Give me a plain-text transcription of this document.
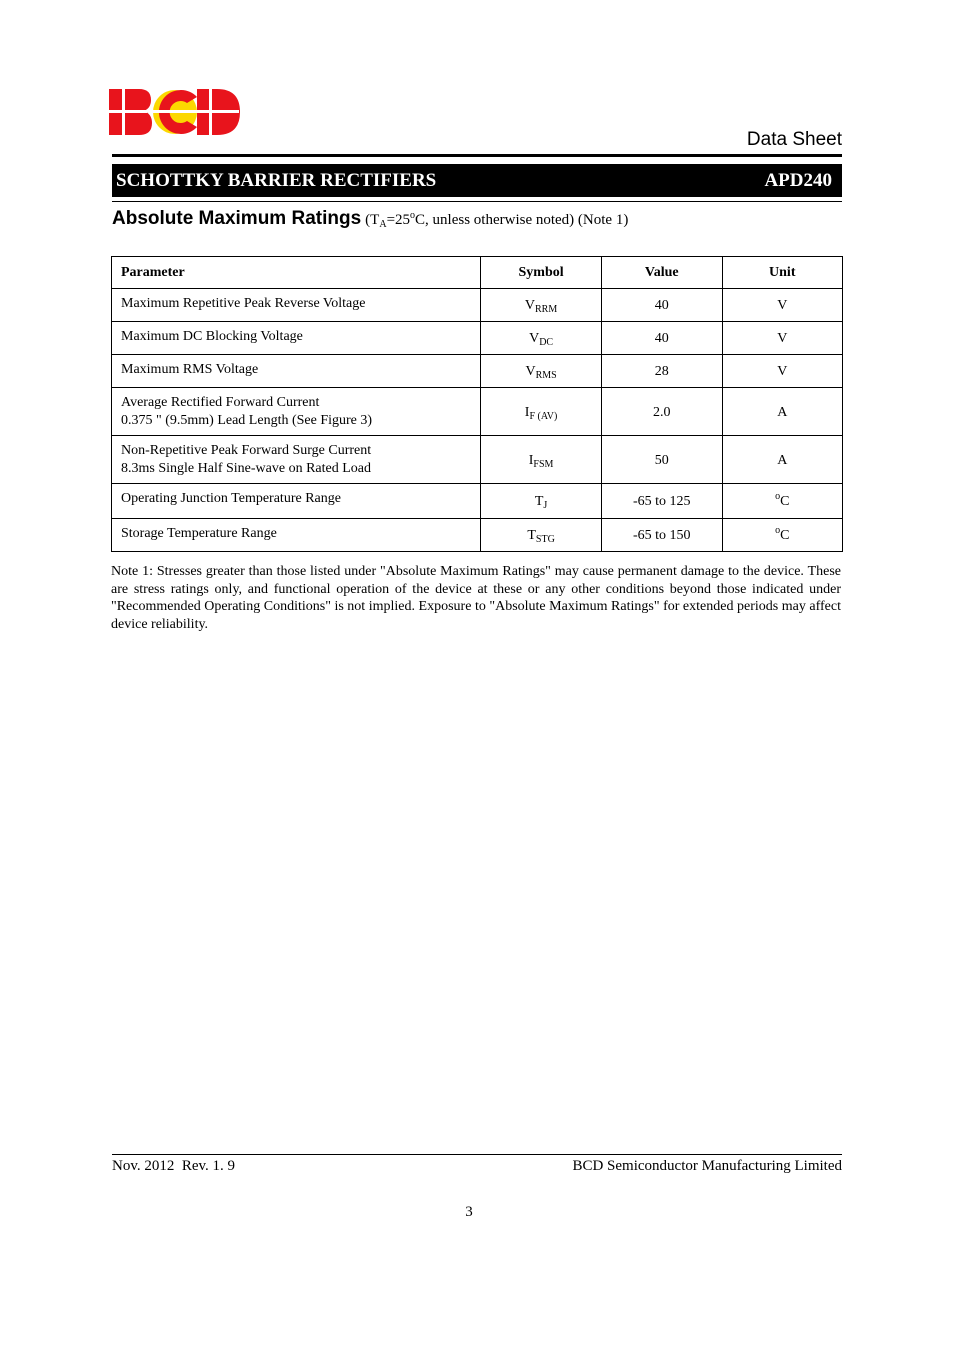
Data Sheet
SCHOTTKY BARRIER RECTIFIERS	APD240
Absolute Maximum Ratings ($T_A=25^oC$, unless otherwise noted) (Note 1)
Parameter	Symbol	Value	Unit

Maximum Repetitive Peak Reverse Voltage	$V_{RRM}$	40	V

Maximum DC Blocking Voltage	$V_{DC}$	40	V

Maximum RMS Voltage	$V_{RMS}$	28	V

Average Rectified Forward Current
0.375 " (9.5mm) Lead Length (See Figure 3)	$I_{F (AV)}$	2.0	A

Non-Repetitive Peak Forward Surge Current
8.3ms Single Half Sine-wave on Rated Load	$I_{FSM}$	50	A

Operating Junction Temperature Range	$T_J$	-65 to 125	$^o$C

Storage Temperature Range	$T_{STG}$	-65 to 150	$^o$C
Note 1: Stresses greater than those listed under "Absolute Maximum Ratings" may cause permanent damage to the device. These are stress ratings only, and functional operation of the device at these or any other conditions beyond those indicated under "Recommended Operating Conditions" is not implied. Exposure to "Absolute Maximum Ratings" for extended periods may affect device reliability.
Nov. 2012  Rev. 1. 9	BCD Semiconductor Manufacturing Limited
3
